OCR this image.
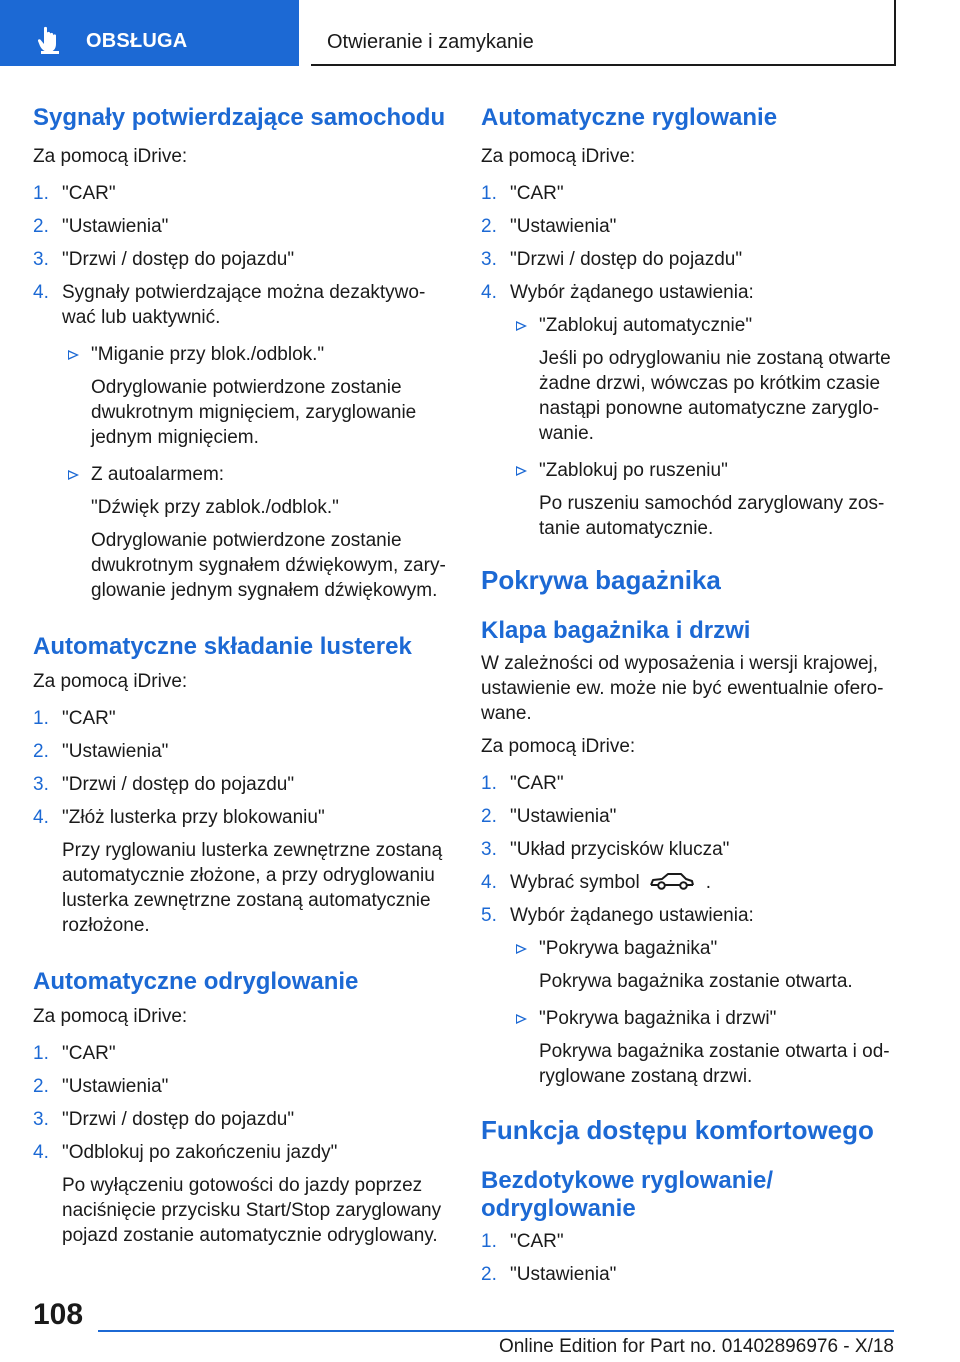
OBSŁUGA	Otwieranie i zamykanie
Sygnały potwierdzające samochodu
Za pomocą iDrive:
1. "CAR"
2. "Ustawienia"
3. "Drzwi / dostęp do pojazdu"
4. Sygnały potwierdzające można dezaktywo-wać lub uaktywnić.
"Miganie przy blok./odblok."
Odryglowanie potwierdzone zostanie dwukrotnym mignięciem, zaryglowanie jednym mignięciem.
Z autoalarmem:
"Dźwięk przy zablok./odblok."
Odryglowanie potwierdzone zostanie dwukrotnym sygnałem dźwiękowym, zary-glowanie jednym sygnałem dźwiękowym.
Automatyczne składanie lusterek
Za pomocą iDrive:
1. "CAR"
2. "Ustawienia"
3. "Drzwi / dostęp do pojazdu"
4. "Złóż lusterka przy blokowaniu"
Przy ryglowaniu lusterka zewnętrzne zostaną automatycznie złożone, a przy odryglowaniu lusterka zewnętrzne zostaną automatycznie rozłożone.
Automatyczne odryglowanie
Za pomocą iDrive:
1. "CAR"
2. "Ustawienia"
3. "Drzwi / dostęp do pojazdu"
4. "Odblokuj po zakończeniu jazdy"
Po wyłączeniu gotowości do jazdy poprzez naciśnięcie przycisku Start/Stop zaryglowany pojazd zostanie automatycznie odryglowany.
Automatyczne ryglowanie
Za pomocą iDrive:
1. "CAR"
2. "Ustawienia"
3. "Drzwi / dostęp do pojazdu"
4. Wybór żądanego ustawienia:
"Zablokuj automatycznie"
Jeśli po odryglowaniu nie zostaną otwarte żadne drzwi, wówczas po krótkim czasie nastąpi ponowne automatyczne zaryglo-wanie.
"Zablokuj po ruszeniu"
Po ruszeniu samochód zaryglowany zos-tanie automatycznie.
Pokrywa bagażnika
Klapa bagażnika i drzwi
W zależności od wyposażenia i wersji krajowej, ustawienie ew. może nie być ewentualnie ofero-wane.
Za pomocą iDrive:
1. "CAR"
2. "Ustawienia"
3. "Układ przycisków klucza"
4. Wybrać symbol	.
5. Wybór żądanego ustawienia:
"Pokrywa bagażnika"
Pokrywa bagażnika zostanie otwarta.
"Pokrywa bagażnika i drzwi"
Pokrywa bagażnika zostanie otwarta i od-ryglowane zostaną drzwi.
Funkcja dostępu komfortowego
Bezdotykowe ryglowanie/ odryglowanie
1. "CAR"
2. "Ustawienia"
108
Online Edition for Part no. 01402896976 - X/18
